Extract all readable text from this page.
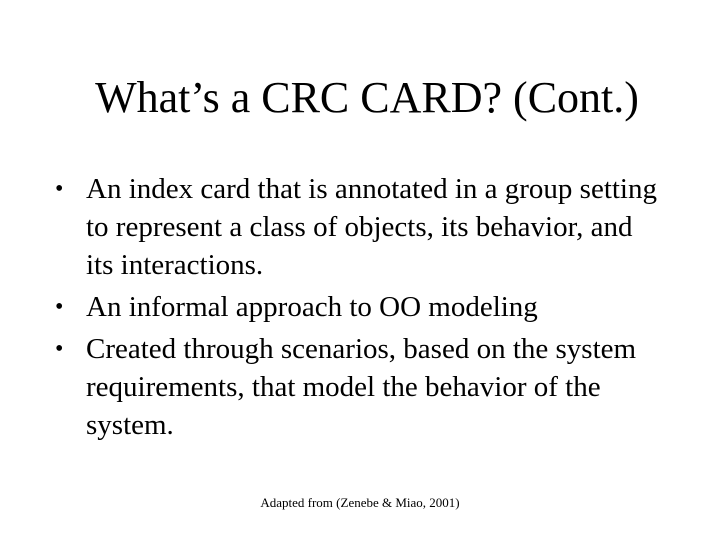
What’s a CRC CARD? (Cont.)
• An index card that is annotated in a group setting to represent a class of objects, its behavior, and its interactions.
• An informal approach to OO modeling
• Created through scenarios, based on the system requirements, that model the behavior of the system.
Adapted from (Zenebe & Miao, 2001)
